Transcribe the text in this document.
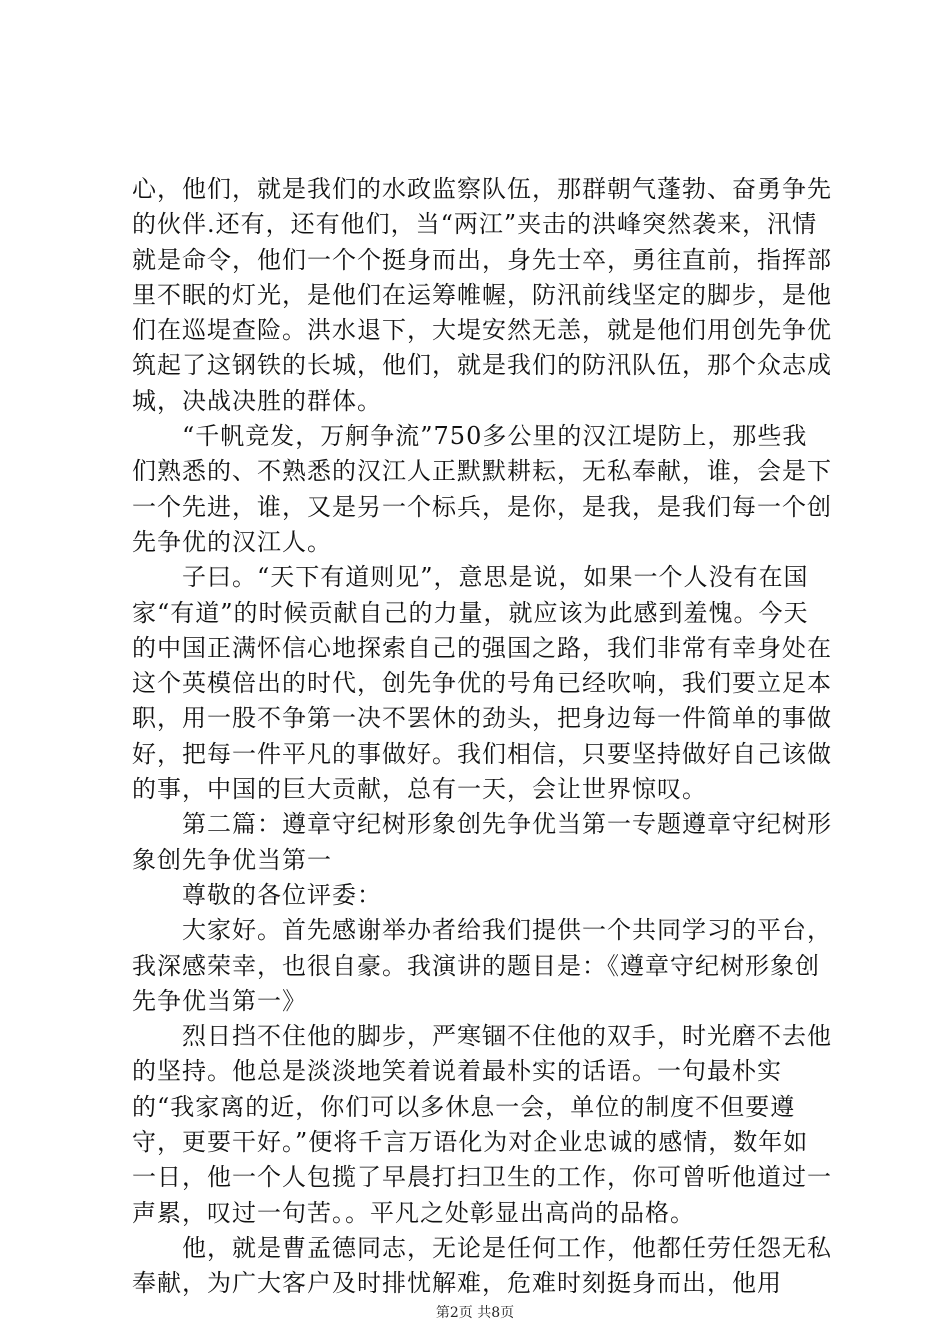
心，他们，就是我们的水政监察队伍，那群朝气蓬勃、奋勇争先的伙伴.还有，还有他们，当“两江”夹击的洪峰突然袭来，汛情就是命令，他们一个个挺身而出，身先士卒，勇往直前，指挥部里不眠的灯光，是他们在运筹帷幄，防汛前线坚定的脚步，是他们在巡堤查险。洪水退下，大堤安然无恙，就是他们用创先争优筑起了这钢铁的长城，他们，就是我们的防汛队伍，那个众志成城，决战决胜的群体。

　　“千帆竞发，万舸争流”750多公里的汉江堤防上，那些我们熟悉的、不熟悉的汉江人正默默耕耘，无私奉献，谁，会是下一个先进，谁，又是另一个标兵，是你，是我，是我们每一个创先争优的汉江人。

　　子曰。“天下有道则见”，意思是说，如果一个人没有在国家“有道”的时候贡献自己的力量，就应该为此感到羞愧。今天的中国正满怀信心地探索自己的强国之路，我们非常有幸身处在这个英模倍出的时代，创先争优的号角已经吹响，我们要立足本职，用一股不争第一决不罢休的劲头，把身边每一件简单的事做好，把每一件平凡的事做好。我们相信，只要坚持做好自己该做的事，中国的巨大贡献，总有一天，会让世界惊叹。

　　第二篇：遵章守纪树形象创先争优当第一专题遵章守纪树形象创先争优当第一

　　尊敬的各位评委：

　　大家好。首先感谢举办者给我们提供一个共同学习的平台，我深感荣幸，也很自豪。我演讲的题目是：《遵章守纪树形象创先争优当第一》

　　烈日挡不住他的脚步，严寒锢不住他的双手，时光磨不去他的坚持。他总是淡淡地笑着说着最朴实的话语。一句最朴实的“我家离的近，你们可以多休息一会，单位的制度不但要遵守，更要干好。”便将千言万语化为对企业忠诚的感情，数年如一日，他一个人包揽了早晨打扫卫生的工作，你可曾听他道过一声累，叹过一句苦。。平凡之处彰显出高尚的品格。

　　他，就是曹孟德同志，无论是任何工作，他都任劳任怨无私奉献，为广大客户及时排忧解难，危难时刻挺身而出，他用

第2页 共8页
